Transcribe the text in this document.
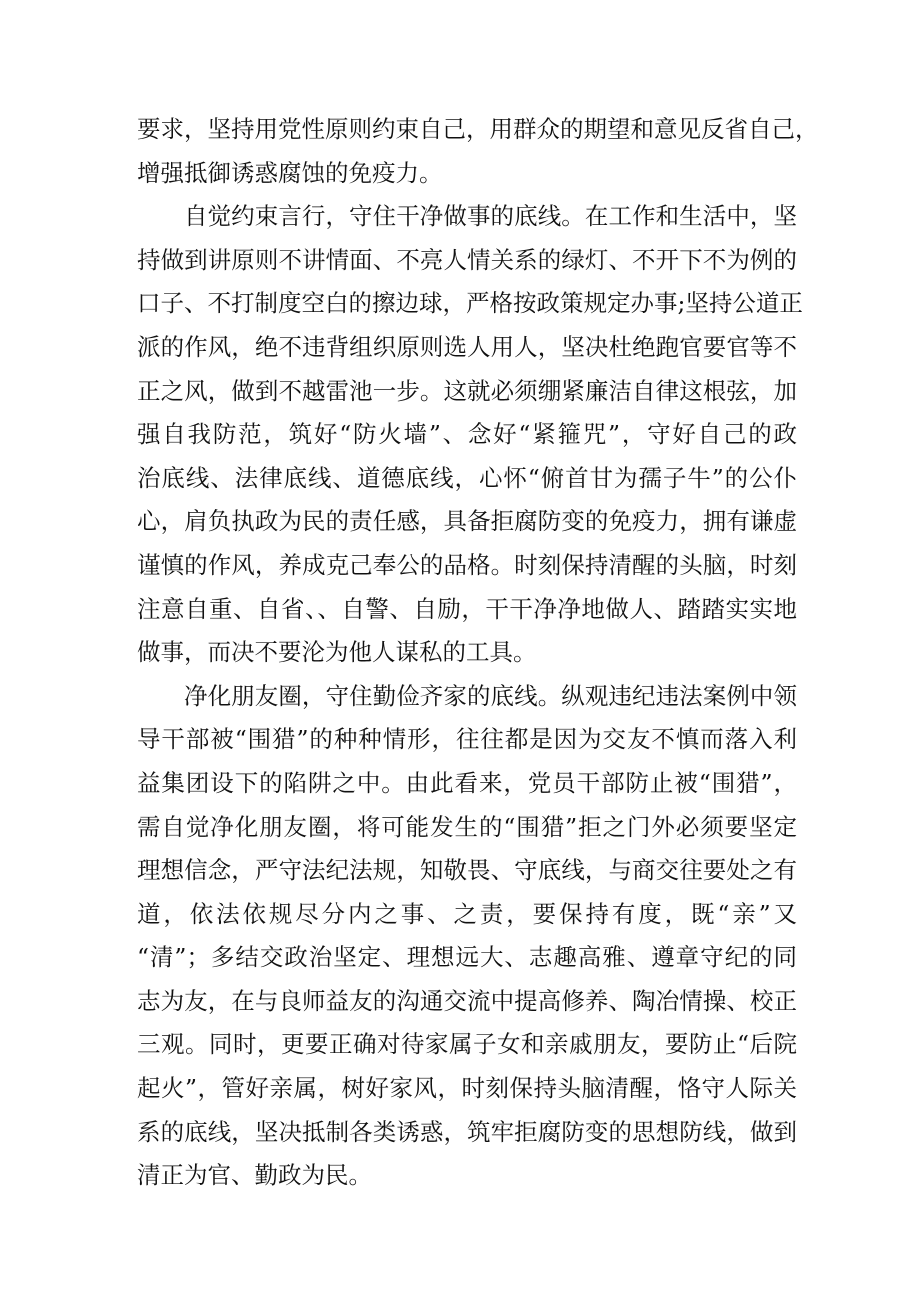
要求，坚持用党性原则约束自己，用群众的期望和意见反省自己，
增强抵御诱惑腐蚀的免疫力。
自觉约束言行，守住干净做事的底线。在工作和生活中，坚
持做到讲原则不讲情面、不亮人情关系的绿灯、不开下不为例的
口子、不打制度空白的擦边球，严格按政策规定办事;坚持公道正
派的作风，绝不违背组织原则选人用人，坚决杜绝跑官要官等不
正之风，做到不越雷池一步。这就必须绷紧廉洁自律这根弦，加
强自我防范，筑好“防火墙”、念好“紧箍咒”，守好自己的政
治底线、法律底线、道德底线，心怀“俯首甘为孺子牛”的公仆
心，肩负执政为民的责任感，具备拒腐防变的免疫力，拥有谦虚
谨慎的作风，养成克己奉公的品格。时刻保持清醒的头脑，时刻
注意自重、自省、、自警、自励，干干净净地做人、踏踏实实地
做事，而决不要沦为他人谋私的工具。
净化朋友圈，守住勤俭齐家的底线。纵观违纪违法案例中领
导干部被“围猎”的种种情形，往往都是因为交友不慎而落入利
益集团设下的陷阱之中。由此看来，党员干部防止被“围猎”，
需自觉净化朋友圈，将可能发生的“围猎”拒之门外必须要坚定
理想信念，严守法纪法规，知敬畏、守底线，与商交往要处之有
道，依法依规尽分内之事、之责，要保持有度，既“亲”又
“清”；多结交政治坚定、理想远大、志趣高雅、遵章守纪的同
志为友，在与良师益友的沟通交流中提高修养、陶冶情操、校正
三观。同时，更要正确对待家属子女和亲戚朋友，要防止“后院
起火”，管好亲属，树好家风，时刻保持头脑清醒，恪守人际关
系的底线，坚决抵制各类诱惑，筑牢拒腐防变的思想防线，做到
清正为官、勤政为民。
